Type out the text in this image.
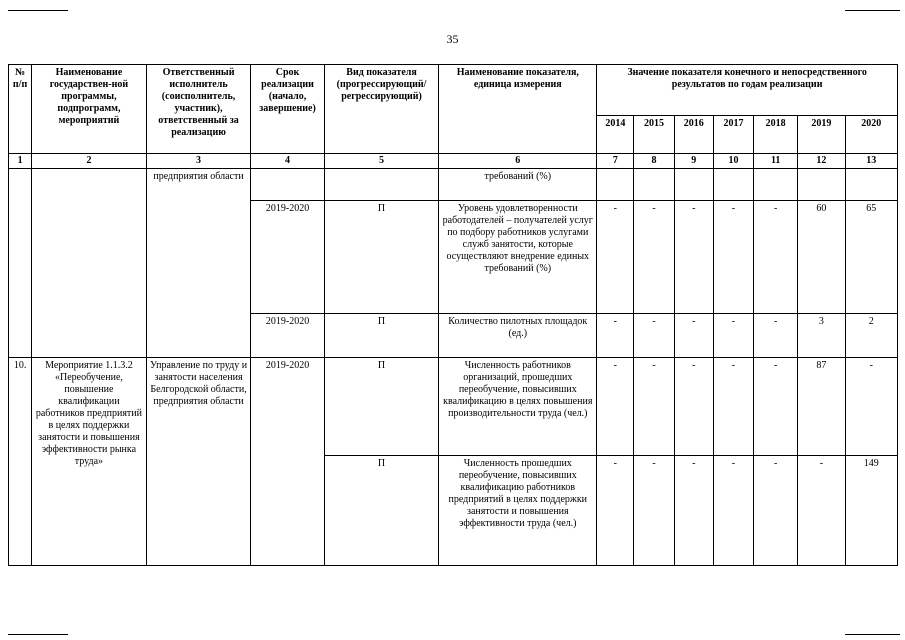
35
№ п/п	Наименование государствен-ной программы, подпрограмм, мероприятий	Ответственный исполнитель (соисполнитель, участник), ответственный за реализацию	Срок реализации (начало, завершение)	Вид показателя (прогрессирующий/ регрессирующий)	Наименование показателя, единица измерения	Значение показателя конечного и непосредственного результатов по годам реализации						
						2014	2015	2016	2017	2018	2019	2020
1	2	3	4	5	6	7	8	9	10	11	12	13
		предприятия области			требований (%)							
			2019-2020	П	Уровень удовлетворенности работодателей – получателей услуг по подбору работников услугами служб занятости, которые осуществляют внедрение единых требований (%)	-	-	-	-	-	60	65
			2019-2020	П	Количество пилотных площадок (ед.)	-	-	-	-	-	3	2
10.	Мероприятие 1.1.3.2 «Переобучение, повышение квалификации работников предприятий в целях поддержки занятости и повышения эффективности рынка труда»	Управление по труду и занятости населения Белгородской области, предприятия области	2019-2020	П	Численность работников организаций, прошедших переобучение, повысивших квалификацию в целях повышения производительности труда (чел.)	-	-	-	-	-	87	-
				П	Численность прошедших переобучение, повысивших квалификацию работников предприятий в целях поддержки занятости и повышения эффективности труда (чел.)	-	-	-	-	-	-	149
